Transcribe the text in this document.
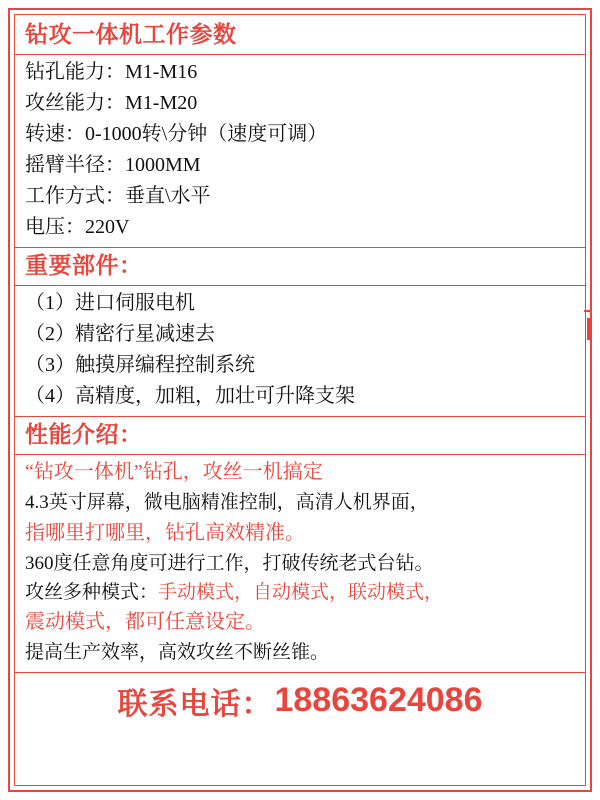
钻攻一体机工作参数
钻孔能力：M1-M16
攻丝能力：M1-M20
转速：0-1000转\分钟（速度可调）
摇臂半径：1000MM
工作方式：垂直\水平
电压：220V
重要部件：
（1）进口伺服电机
（2）精密行星减速去
（3）触摸屏编程控制系统
（4）高精度，加粗，加壮可升降支架
性能介绍：
“钻攻一体机”钻孔，攻丝一机搞定
4.3英寸屏幕，微电脑精准控制，高清人机界面，
指哪里打哪里，钻孔高效精准。
360度任意角度可进行工作，打破传统老式台钻。
攻丝多种模式：手动模式，自动模式，联动模式，
震动模式，都可任意设定。
提高生产效率，高效攻丝不断丝锥。
联系电话： 18863624086
